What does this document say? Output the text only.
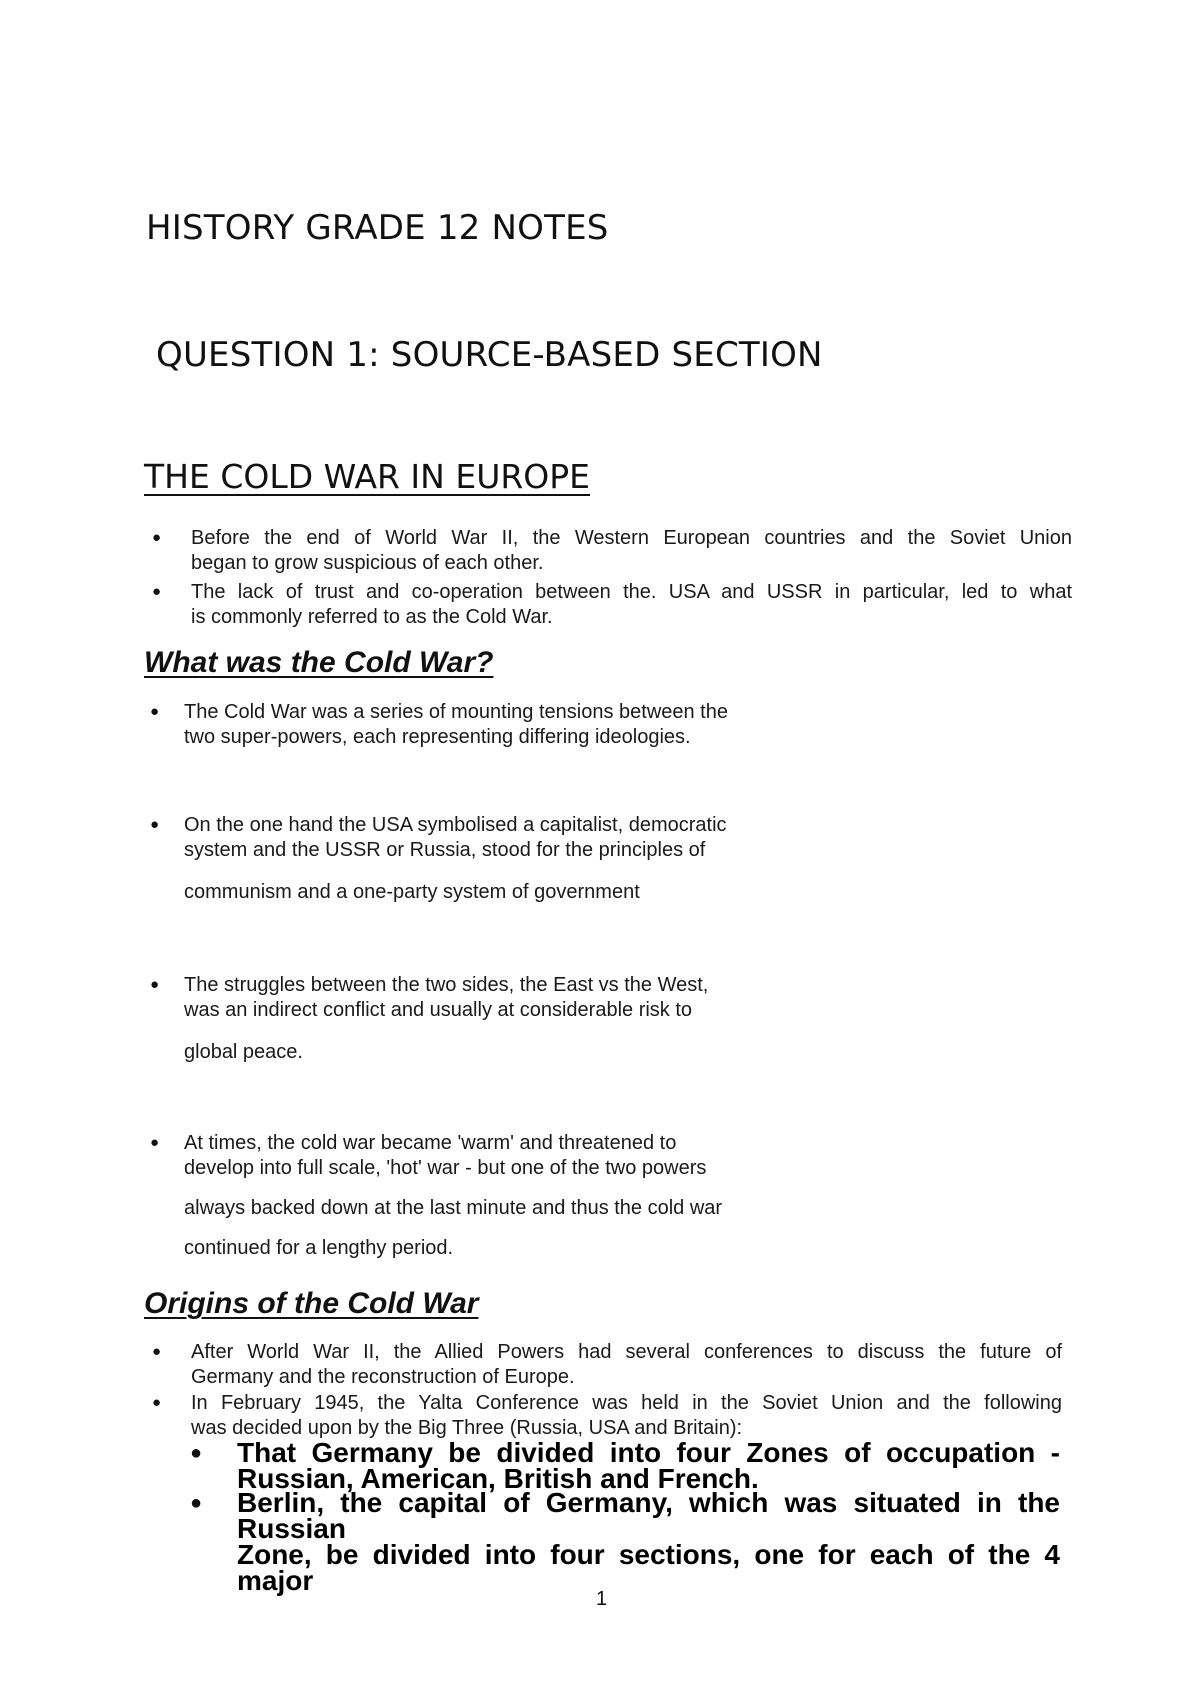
HISTORY GRADE 12 NOTES
QUESTION 1: SOURCE-BASED SECTION
THE COLD WAR IN EUROPE
● Before the end of World War II, the Western European countries and the Soviet Union
began to grow suspicious of each other.
● The lack of trust and co-operation between the. USA and USSR in particular, led to what
is commonly referred to as the Cold War.
What was the Cold War?
● The Cold War was a series of mounting tensions between the
two super-powers, each representing differing ideologies.
● On the one hand the USA symbolised a capitalist, democratic
system and the USSR or Russia, stood for the principles of
communism and a one-party system of government
● The struggles between the two sides, the East vs the West,
was an indirect conflict and usually at considerable risk to
global peace.
● At times, the cold war became 'warm' and threatened to
develop into full scale, 'hot' war - but one of the two powers
always backed down at the last minute and thus the cold war
continued for a lengthy period.
Origins of the Cold War
● After World War II, the Allied Powers had several conferences to discuss the future of
Germany and the reconstruction of Europe.
● In February 1945, the Yalta Conference was held in the Soviet Union and the following
was decided upon by the Big Three (Russia, USA and Britain):
● That Germany be divided into four Zones of occupation -
Russian, American, British and French.
● Berlin, the capital of Germany, which was situated in the Russian
Zone, be divided into four sections, one for each of the 4 major
1
